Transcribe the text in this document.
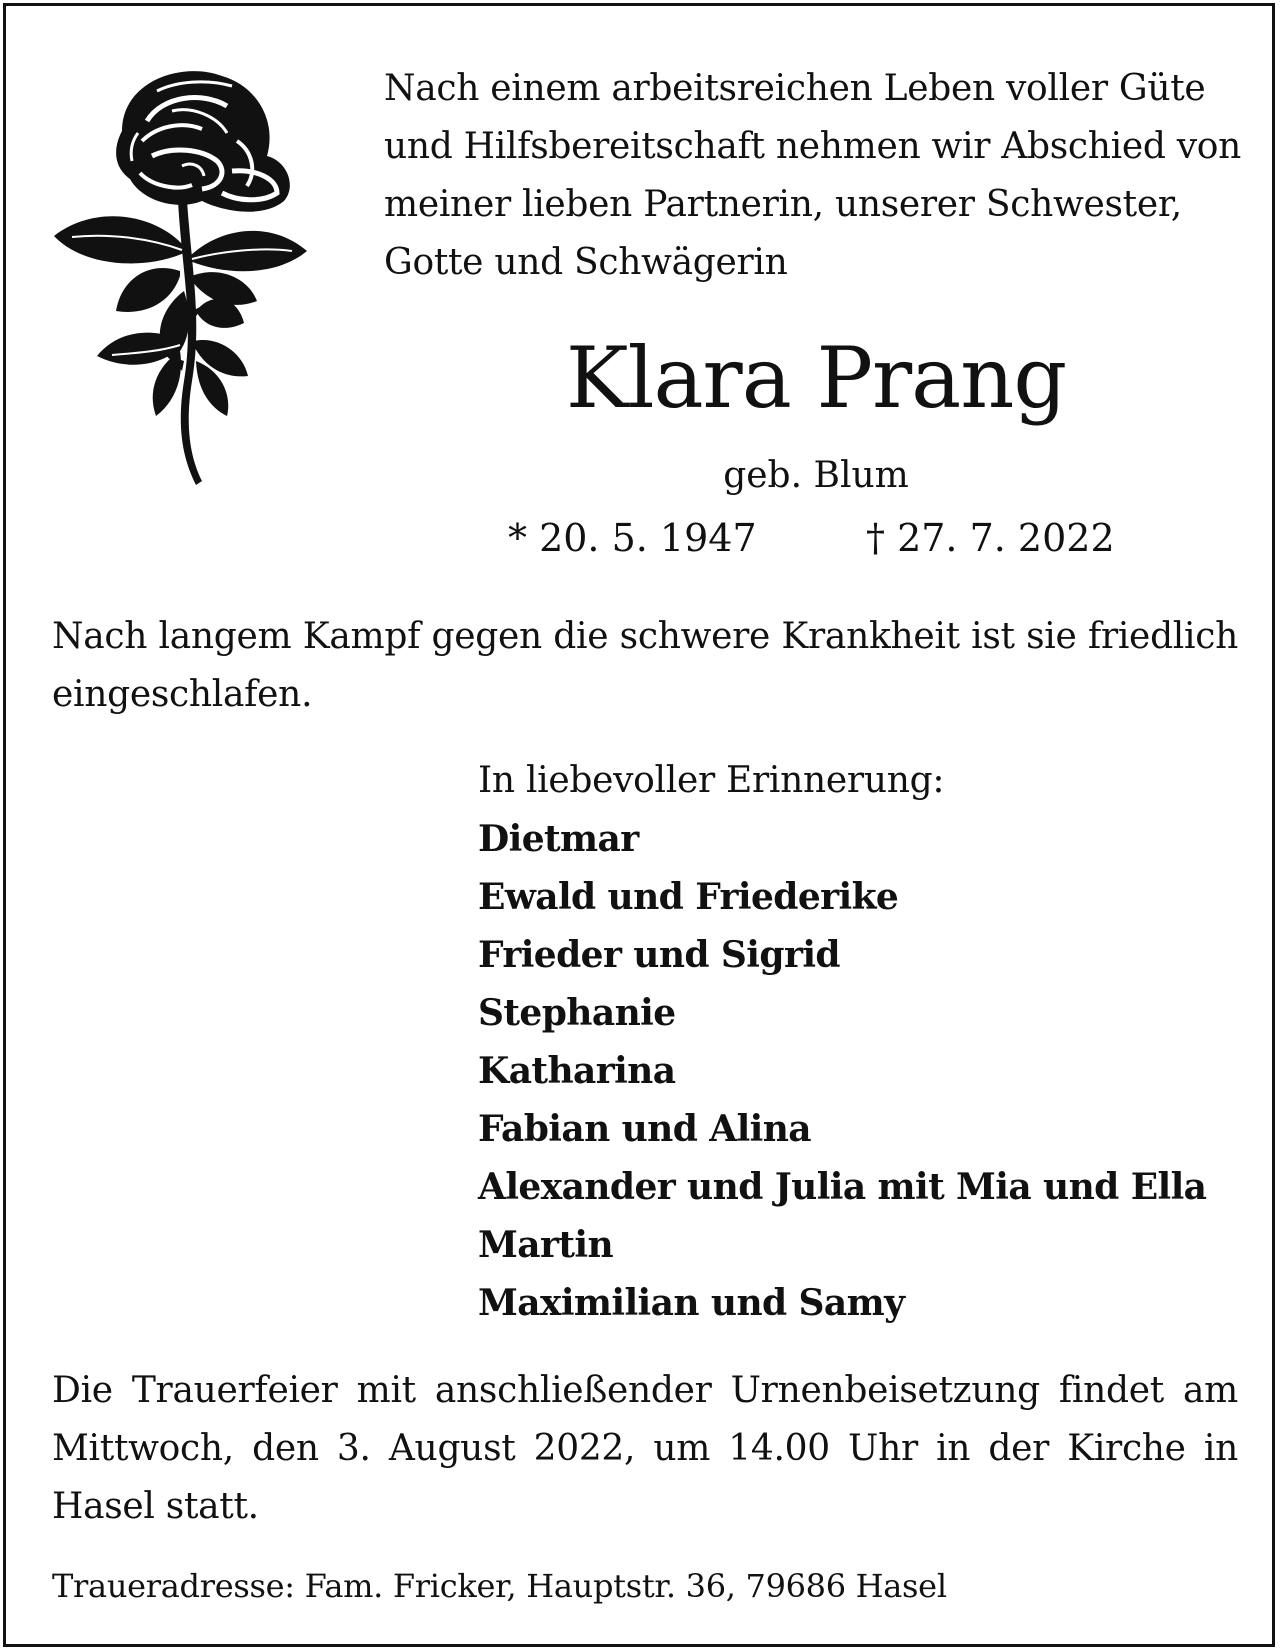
Nach einem arbeitsreichen Leben voller Güte und Hilfsbereitschaft nehmen wir Abschied von meiner lieben Partnerin, unserer Schwester, Gotte und Schwägerin

Klara Prang

geb. Blum

* 20. 5. 1947	† 27. 7. 2022

Nach langem Kampf gegen die schwere Krankheit ist sie friedlich eingeschlafen.

In liebevoller Erinnerung:

Dietmar
Ewald und Friederike
Frieder und Sigrid
Stephanie
Katharina
Fabian und Alina
Alexander und Julia mit Mia und Ella
Martin
Maximilian und Samy

Die Trauerfeier mit anschließender Urnenbeisetzung findet am Mittwoch, den 3. August 2022, um 14.00 Uhr in der Kirche in Hasel statt.

Traueradresse: Fam. Fricker, Hauptstr. 36, 79686 Hasel
